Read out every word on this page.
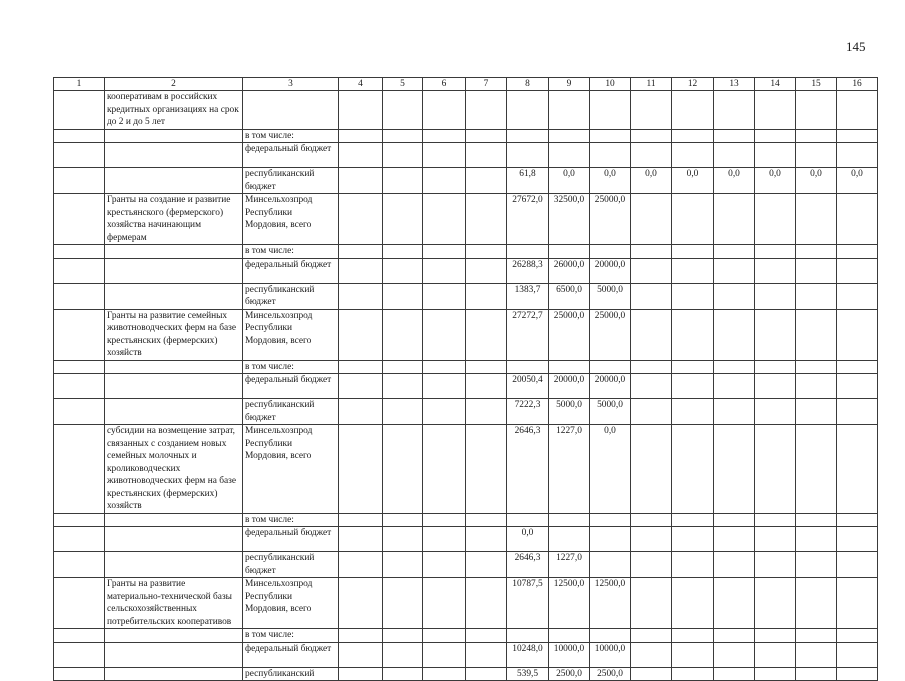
145
1	2	3	4	5	6	7	8	9	10	11	12	13	14	15	16
	кооперативам в российских кредитных организациях на срок до 2 и до 5 лет														
		в том числе:													
		федеральный бюджет													
		республиканский бюджет					61,8	0,0	0,0	0,0	0,0	0,0	0,0	0,0	0,0
	Гранты на создание и развитие крестьянского (фермерского) хозяйства начинающим фермерам	Минсельхозпрод Республики Мордовия, всего					27672,0	32500,0	25000,0						
		в том числе:													
		федеральный бюджет					26288,3	26000,0	20000,0						
		республиканский бюджет					1383,7	6500,0	5000,0						
	Гранты на развитие семейных животноводческих ферм на базе крестьянских (фермерских) хозяйств	Минсельхозпрод Республики Мордовия, всего					27272,7	25000,0	25000,0						
		в том числе:													
		федеральный бюджет					20050,4	20000,0	20000,0						
		республиканский бюджет					7222,3	5000,0	5000,0						
	субсидии на возмещение затрат, связанных с созданием новых семейных молочных и кролиководческих животноводческих ферм на базе крестьянских (фермерских) хозяйств	Минсельхозпрод Республики Мордовия, всего					2646,3	1227,0	0,0						
		в том числе:													
		федеральный бюджет					0,0								
		республиканский бюджет					2646,3	1227,0							
	Гранты на развитие материально-технической базы сельскохозяйственных потребительских кооперативов	Минсельхозпрод Республики Мордовия, всего					10787,5	12500,0	12500,0						
		в том числе:													
		федеральный бюджет					10248,0	10000,0	10000,0						
		республиканский					539,5	2500,0	2500,0						
